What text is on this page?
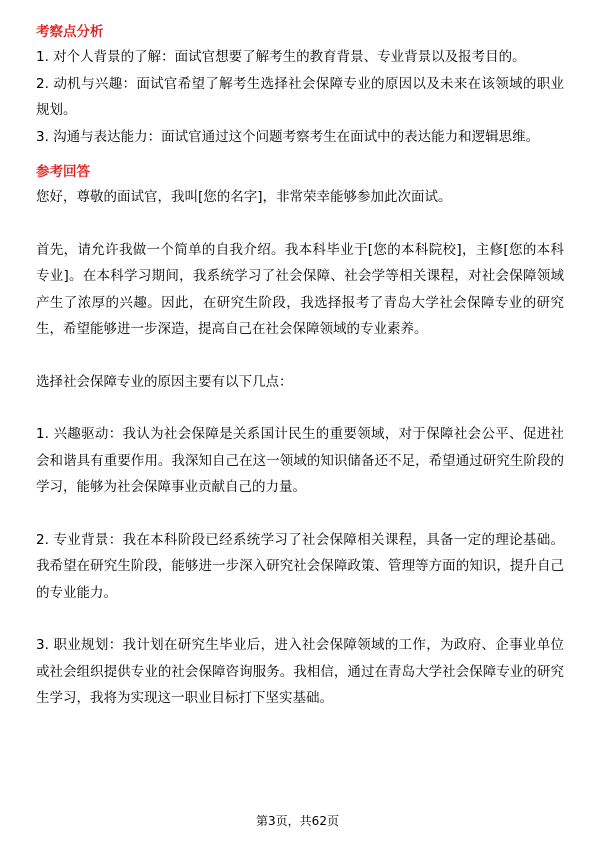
考察点分析

1. 对个人背景的了解：面试官想要了解考生的教育背景、专业背景以及报考目的。

2. 动机与兴趣：面试官希望了解考生选择社会保障专业的原因以及未来在该领域的职业规划。

3. 沟通与表达能力：面试官通过这个问题考察考生在面试中的表达能力和逻辑思维。

参考回答

您好，尊敬的面试官，我叫[您的名字]，非常荣幸能够参加此次面试。

首先，请允许我做一个简单的自我介绍。我本科毕业于[您的本科院校]，主修[您的本科专业]。在本科学习期间，我系统学习了社会保障、社会学等相关课程，对社会保障领域产生了浓厚的兴趣。因此，在研究生阶段，我选择报考了青岛大学社会保障专业的研究生，希望能够进一步深造，提高自己在社会保障领域的专业素养。

选择社会保障专业的原因主要有以下几点：

1. 兴趣驱动：我认为社会保障是关系国计民生的重要领域，对于保障社会公平、促进社会和谐具有重要作用。我深知自己在这一领域的知识储备还不足，希望通过研究生阶段的学习，能够为社会保障事业贡献自己的力量。

2. 专业背景：我在本科阶段已经系统学习了社会保障相关课程，具备一定的理论基础。我希望在研究生阶段，能够进一步深入研究社会保障政策、管理等方面的知识，提升自己的专业能力。

3. 职业规划：我计划在研究生毕业后，进入社会保障领域的工作，为政府、企事业单位或社会组织提供专业的社会保障咨询服务。我相信，通过在青岛大学社会保障专业的研究生学习，我将为实现这一职业目标打下坚实基础。

第3页，共62页
